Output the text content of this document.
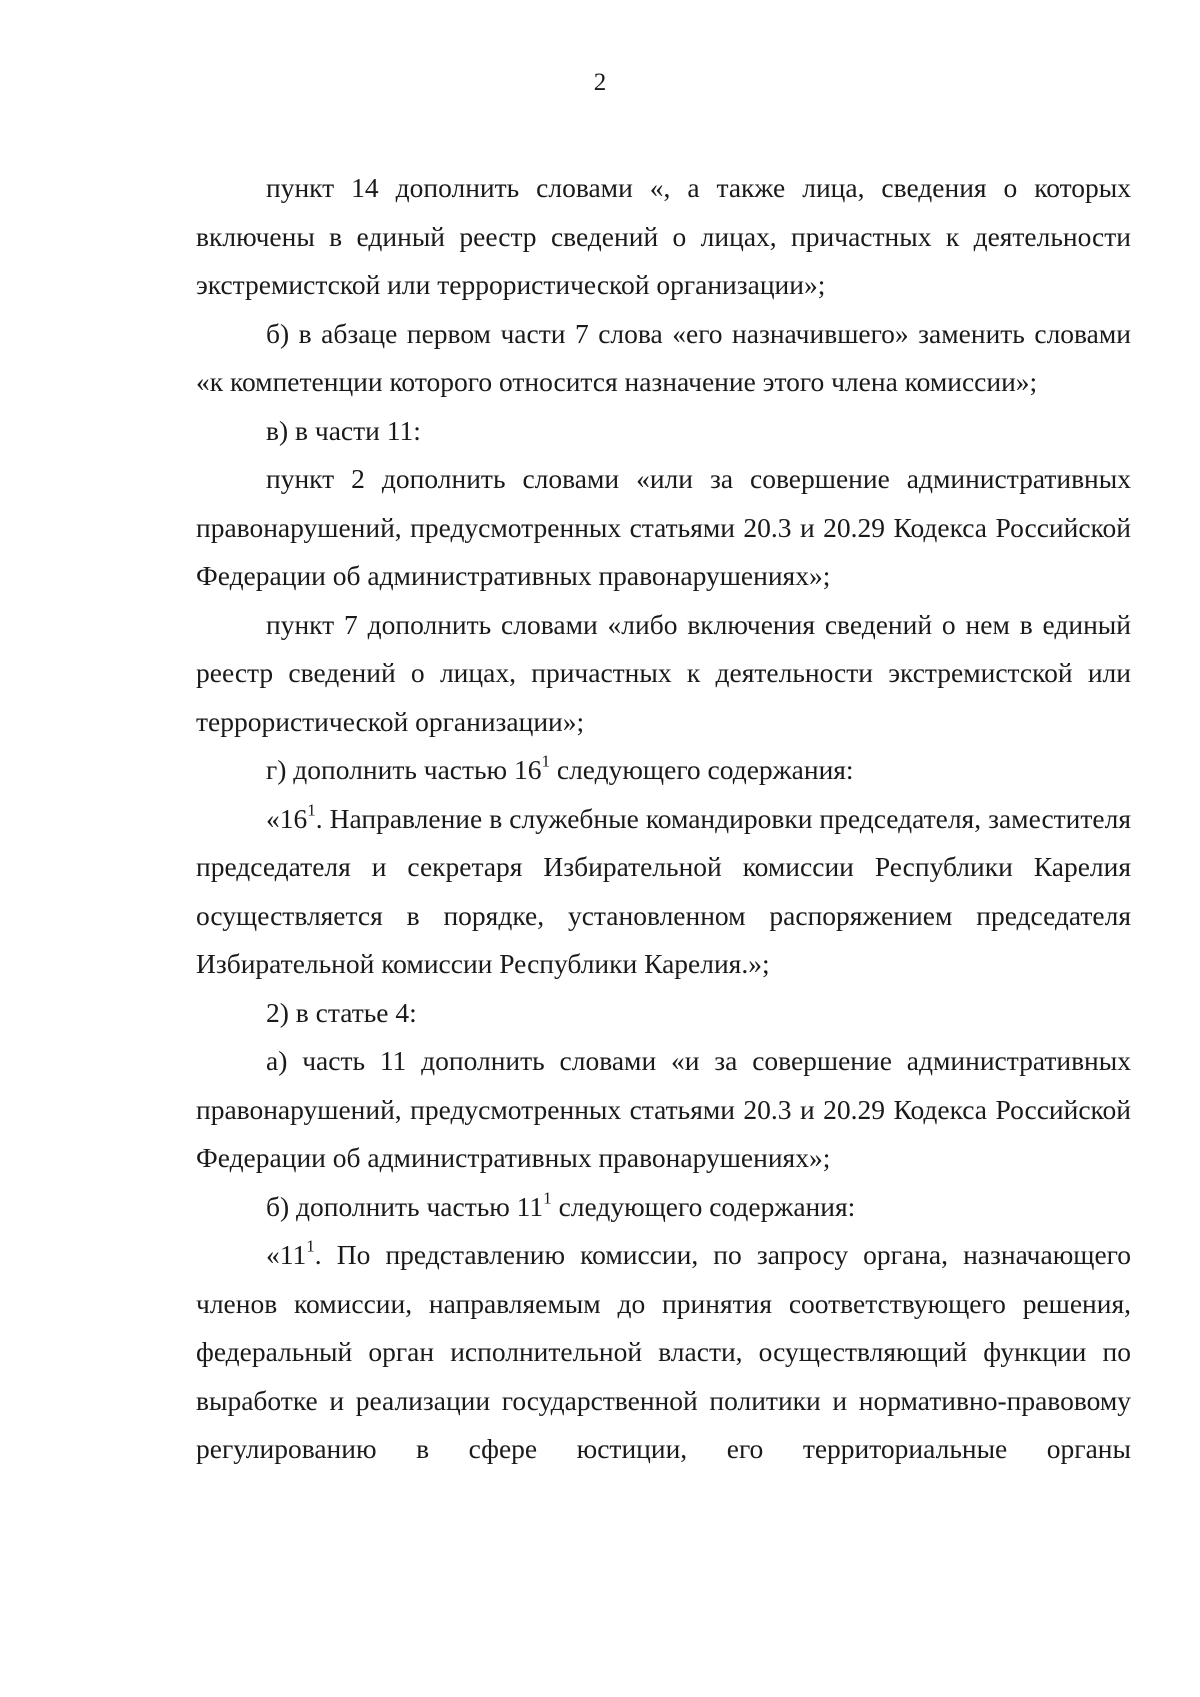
2

пункт 14 дополнить словами «, а также лица, сведения о которых включены в единый реестр сведений о лицах, причастных к деятельности экстремистской или террористической организации»;

б) в абзаце первом части 7 слова «его назначившего» заменить словами «к компетенции которого относится назначение этого члена комиссии»;

в) в части 11:

пункт 2 дополнить словами «или за совершение административных правонарушений, предусмотренных статьями 20.3 и 20.29 Кодекса Российской Федерации об административных правонарушениях»;

пункт 7 дополнить словами «либо включения сведений о нем в единый реестр сведений о лицах, причастных к деятельности экстремистской или террористической организации»;

г) дополнить частью $16^1$ следующего содержания:

«$16^1$. Направление в служебные командировки председателя, заместителя председателя и секретаря Избирательной комиссии Республики Карелия осуществляется в порядке, установленном распоряжением председателя Избирательной комиссии Республики Карелия.»;

2) в статье 4:

а) часть 11 дополнить словами «и за совершение административных правонарушений, предусмотренных статьями 20.3 и 20.29 Кодекса Российской Федерации об административных правонарушениях»;

б) дополнить частью $11^1$ следующего содержания:

«$11^1$. По представлению комиссии, по запросу органа, назначающего членов комиссии, направляемым до принятия соответствующего решения, федеральный орган исполнительной власти, осуществляющий функции по выработке и реализации государственной политики и нормативно-правовому регулированию в сфере юстиции, его территориальные органы
